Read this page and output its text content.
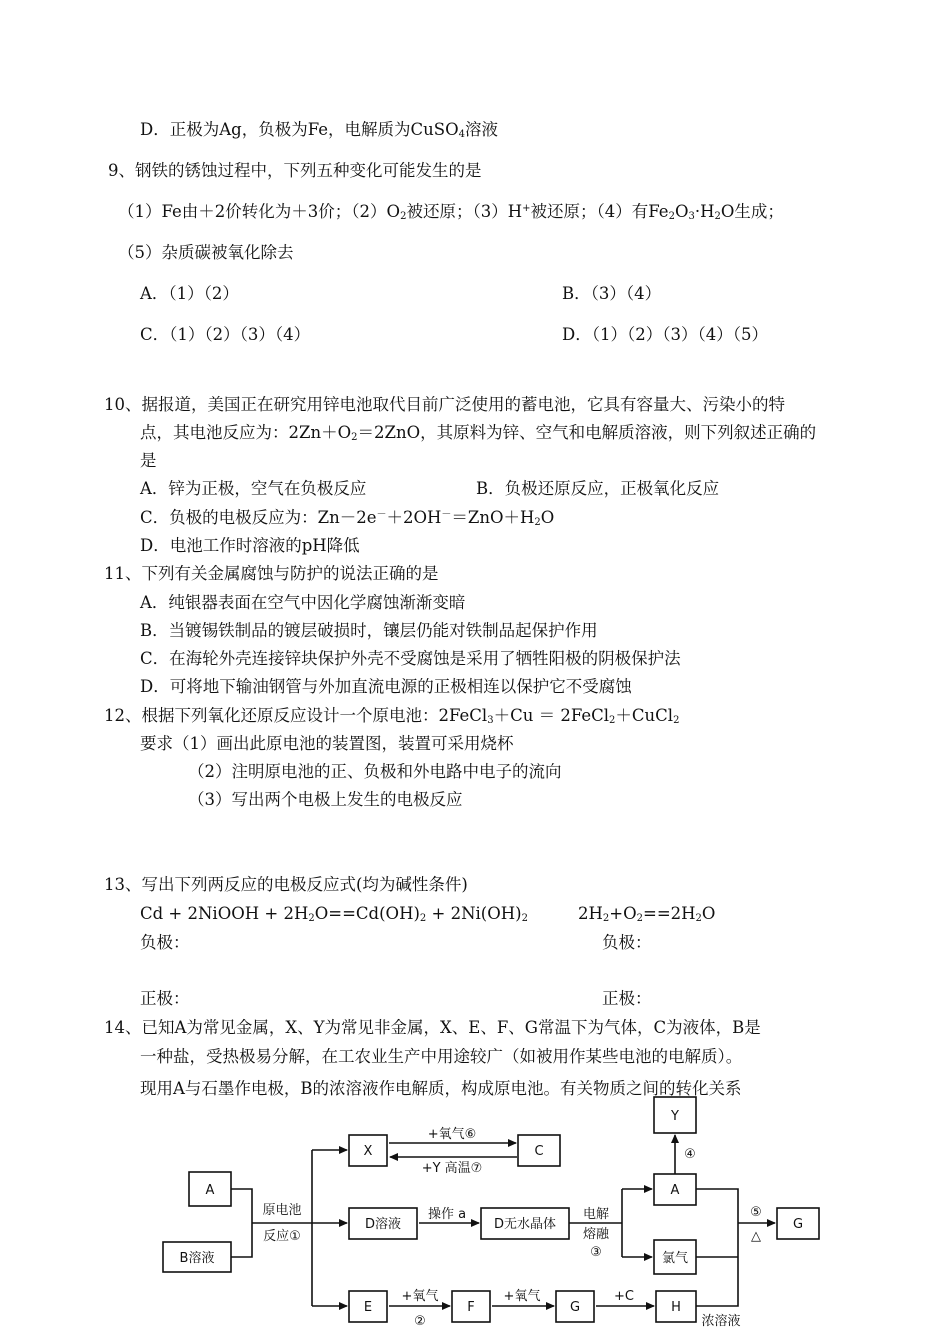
D．正极为Ag，负极为Fe，电解质为CuSO$_4$溶液
9、钢铁的锈蚀过程中，下列五种变化可能发生的是
（1）Fe由＋2价转化为＋3价；$(2)O_2$被还原；（3）H+被还原；（4）有$Fe_2O_3\cdot H_2O$生成；
（5）杂质碳被氧化除去
A．（1）（2）	B．（3）（4）
C．（1）（2）（3）（4）	D．（1）（2）（3）（4）（5）
10、据报道，美国正在研究用锌电池取代目前广泛使用的蓄电池，它具有容量大、污染小的特
点，其电池反应为：$2Zn+O_2=2ZnO$，其原料为锌、空气和电解质溶液，则下列叙述正确的
是
A．锌为正极，空气在负极反应	B．负极还原反应，正极氧化反应
C．负极的电极反应为：$Zn-2e^-+2OH^-=ZnO+H_2O$
D．电池工作时溶液的pH降低
11、下列有关金属腐蚀与防护的说法正确的是
A．纯银器表面在空气中因化学腐蚀渐渐变暗
B．当镀锡铁制品的镀层破损时，镶层仍能对铁制品起保护作用
C．在海轮外壳连接锌块保护外壳不受腐蚀是采用了牺牲阳极的阴极保护法
D．可将地下输油钢管与外加直流电源的正极相连以保护它不受腐蚀
12、根据下列氧化还原反应设计一个原电池：2FeCl$_3$＋Cu ＝ 2FeCl$_2$＋CuCl$_2$
要求（1）画出此原电池的装置图，装置可采用烧杯
（2）注明原电池的正、负极和外电路中电子的流向
（3）写出两个电极上发生的电极反应
13、写出下列两反应的电极反应式(均为碱性条件)
Cd + 2NiOOH + $2H_2O==Cd(OH)_2 + 2Ni(OH)_2$	$2H_2+O_2==2H_2O$
负极：	负极：
正极：	正极：
14、已知A为常见金属，X、Y为常见非金属，X、E、F、G常温下为气体，C为液体，B是
一种盐，受热极易分解，在工农业生产中用途较广（如被用作某些电池的电解质）。
现用A与石墨作电极，B的浓溶液作电解质，构成原电池。有关物质之间的转化关系
A
B溶液
X	C
D溶液	D无水晶体
Y
A
氯气
G
E	F	G	H
原电池
反应①
+氧气⑥
+Y 高温⑦
操作 a	电解
熔融
③
④
⑤
△
+氧气
②
+氧气	+C
浓溶液
